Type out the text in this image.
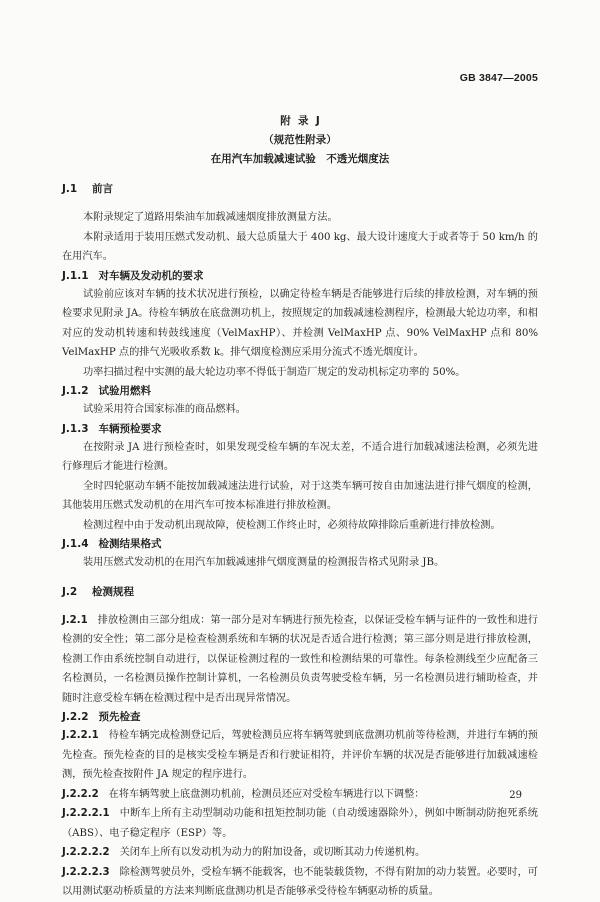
GB 3847—2005
附  录  J
（规范性附录）
在用汽车加载减速试验　不透光烟度法
J.1 前言
本附录规定了道路用柴油车加载减速烟度排放测量方法。
本附录适用于装用压燃式发动机、最大总质量大于 400 kg、最大设计速度大于或者等于 50 km/h 的在用汽车。
J.1.1 对车辆及发动机的要求
试验前应该对车辆的技术状况进行预检，以确定待检车辆是否能够进行后续的排放检测，对车辆的预检要求见附录 JA。待检车辆放在底盘测功机上，按照规定的加载减速检测程序，检测最大轮边功率，和相对应的发动机转速和转鼓线速度（VelMaxHP）、并检测 VelMaxHP 点、90% VelMaxHP 点和 80% VelMaxHP 点的排气光吸收系数 k。排气烟度检测应采用分流式不透光烟度计。
功率扫描过程中实测的最大轮边功率不得低于制造厂规定的发动机标定功率的 50%。
J.1.2 试验用燃料
试验采用符合国家标准的商品燃料。
J.1.3 车辆预检要求
在按附录 JA 进行预检查时，如果发现受检车辆的车况太差，不适合进行加载减速法检测，必须先进行修理后才能进行检测。
全时四轮驱动车辆不能按加载减速法进行试验，对于这类车辆可按自由加速法进行排气烟度的检测，其他装用压燃式发动机的在用汽车可按本标准进行排放检测。
检测过程中由于发动机出现故障，使检测工作终止时，必须待故障排除后重新进行排放检测。
J.1.4 检测结果格式
装用压燃式发动机的在用汽车加载减速排气烟度测量的检测报告格式见附录 JB。
J.2 检测规程
J.2.1 排放检测由三部分组成：第一部分是对车辆进行预先检查，以保证受检车辆与证件的一致性和进行检测的安全性；第二部分是检查检测系统和车辆的状况是否适合进行检测；第三部分则是进行排放检测，检测工作由系统控制自动进行，以保证检测过程的一致性和检测结果的可靠性。每条检测线至少应配备三名检测员，一名检测员操作控制计算机，一名检测员负责驾驶受检车辆，另一名检测员进行辅助检查，并随时注意受检车辆在检测过程中是否出现异常情况。
J.2.2 预先检查
J.2.2.1 待检车辆完成检测登记后，驾驶检测员应将车辆驾驶到底盘测功机前等待检测，并进行车辆的预先检查。预先检查的目的是核实受检车辆是否和行驶证相符，并评价车辆的状况是否能够进行加载减速检测，预先检查按附件 JA 规定的程序进行。
J.2.2.2 在将车辆驾驶上底盘测功机前，检测员还应对受检车辆进行以下调整：
J.2.2.2.1 中断车上所有主动型制动功能和扭矩控制功能（自动缓速器除外），例如中断制动防抱死系统（ABS）、电子稳定程序（ESP）等。
J.2.2.2.2 关闭车上所有以发动机为动力的附加设备，或切断其动力传递机构。
J.2.2.2.3 除检测驾驶员外，受检车辆不能载客，也不能装载货物，不得有附加的动力装置。必要时，可以用测试驱动桥质量的方法来判断底盘测功机是否能够承受待检车辆驱动桥的质量。
29
